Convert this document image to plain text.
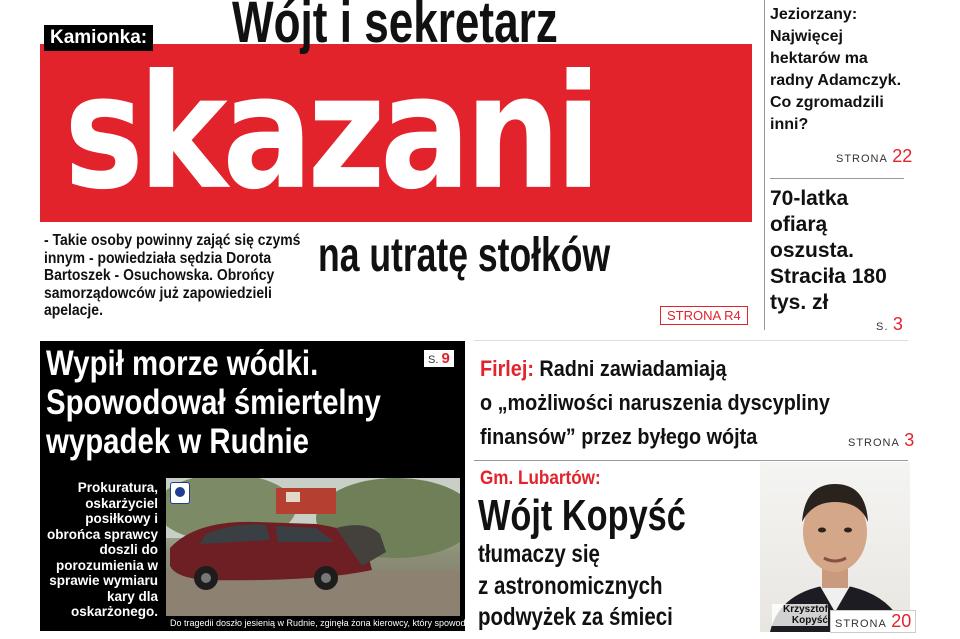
skazani
Kamionka: Wójt i sekretarz
na utratę stołków
- Takie osoby powinny zająć się czymś innym - powiedziała sędzia Dorota Bartoszek - Osuchowska. Obrońcy samorządowców już zapowiedzieli apelacje.	STRONA R4
Jeziorzany:
Najwięcej hektarów ma radny Adamczyk. Co zgromadzili inni?
STRONA 22
70-latka ofiarą oszusta. Straciła 180 tys. zł
S. 3
Wypił morze wódki. Spowodował śmiertelny wypadek w Rudnie
S. 9
Prokuratura, oskarżyciel posiłkowy i obrońca sprawcy doszli do porozumienia w sprawie wymiaru kary dla oskarżonego.
Do tragedii doszło jesienią w Rudnie, zginęła żona kierowcy, który spowodował wypadek
Firlej: Radni zawiadamiają
o „możliwości naruszenia dyscypliny
finansów” przez byłego wójta	STRONA 3
Gm. Lubartów:
Wójt Kopyść
tłumaczy się
z astronomicznych
podwyżek za śmieci	Krzysztof Kopyść STRONA 20
